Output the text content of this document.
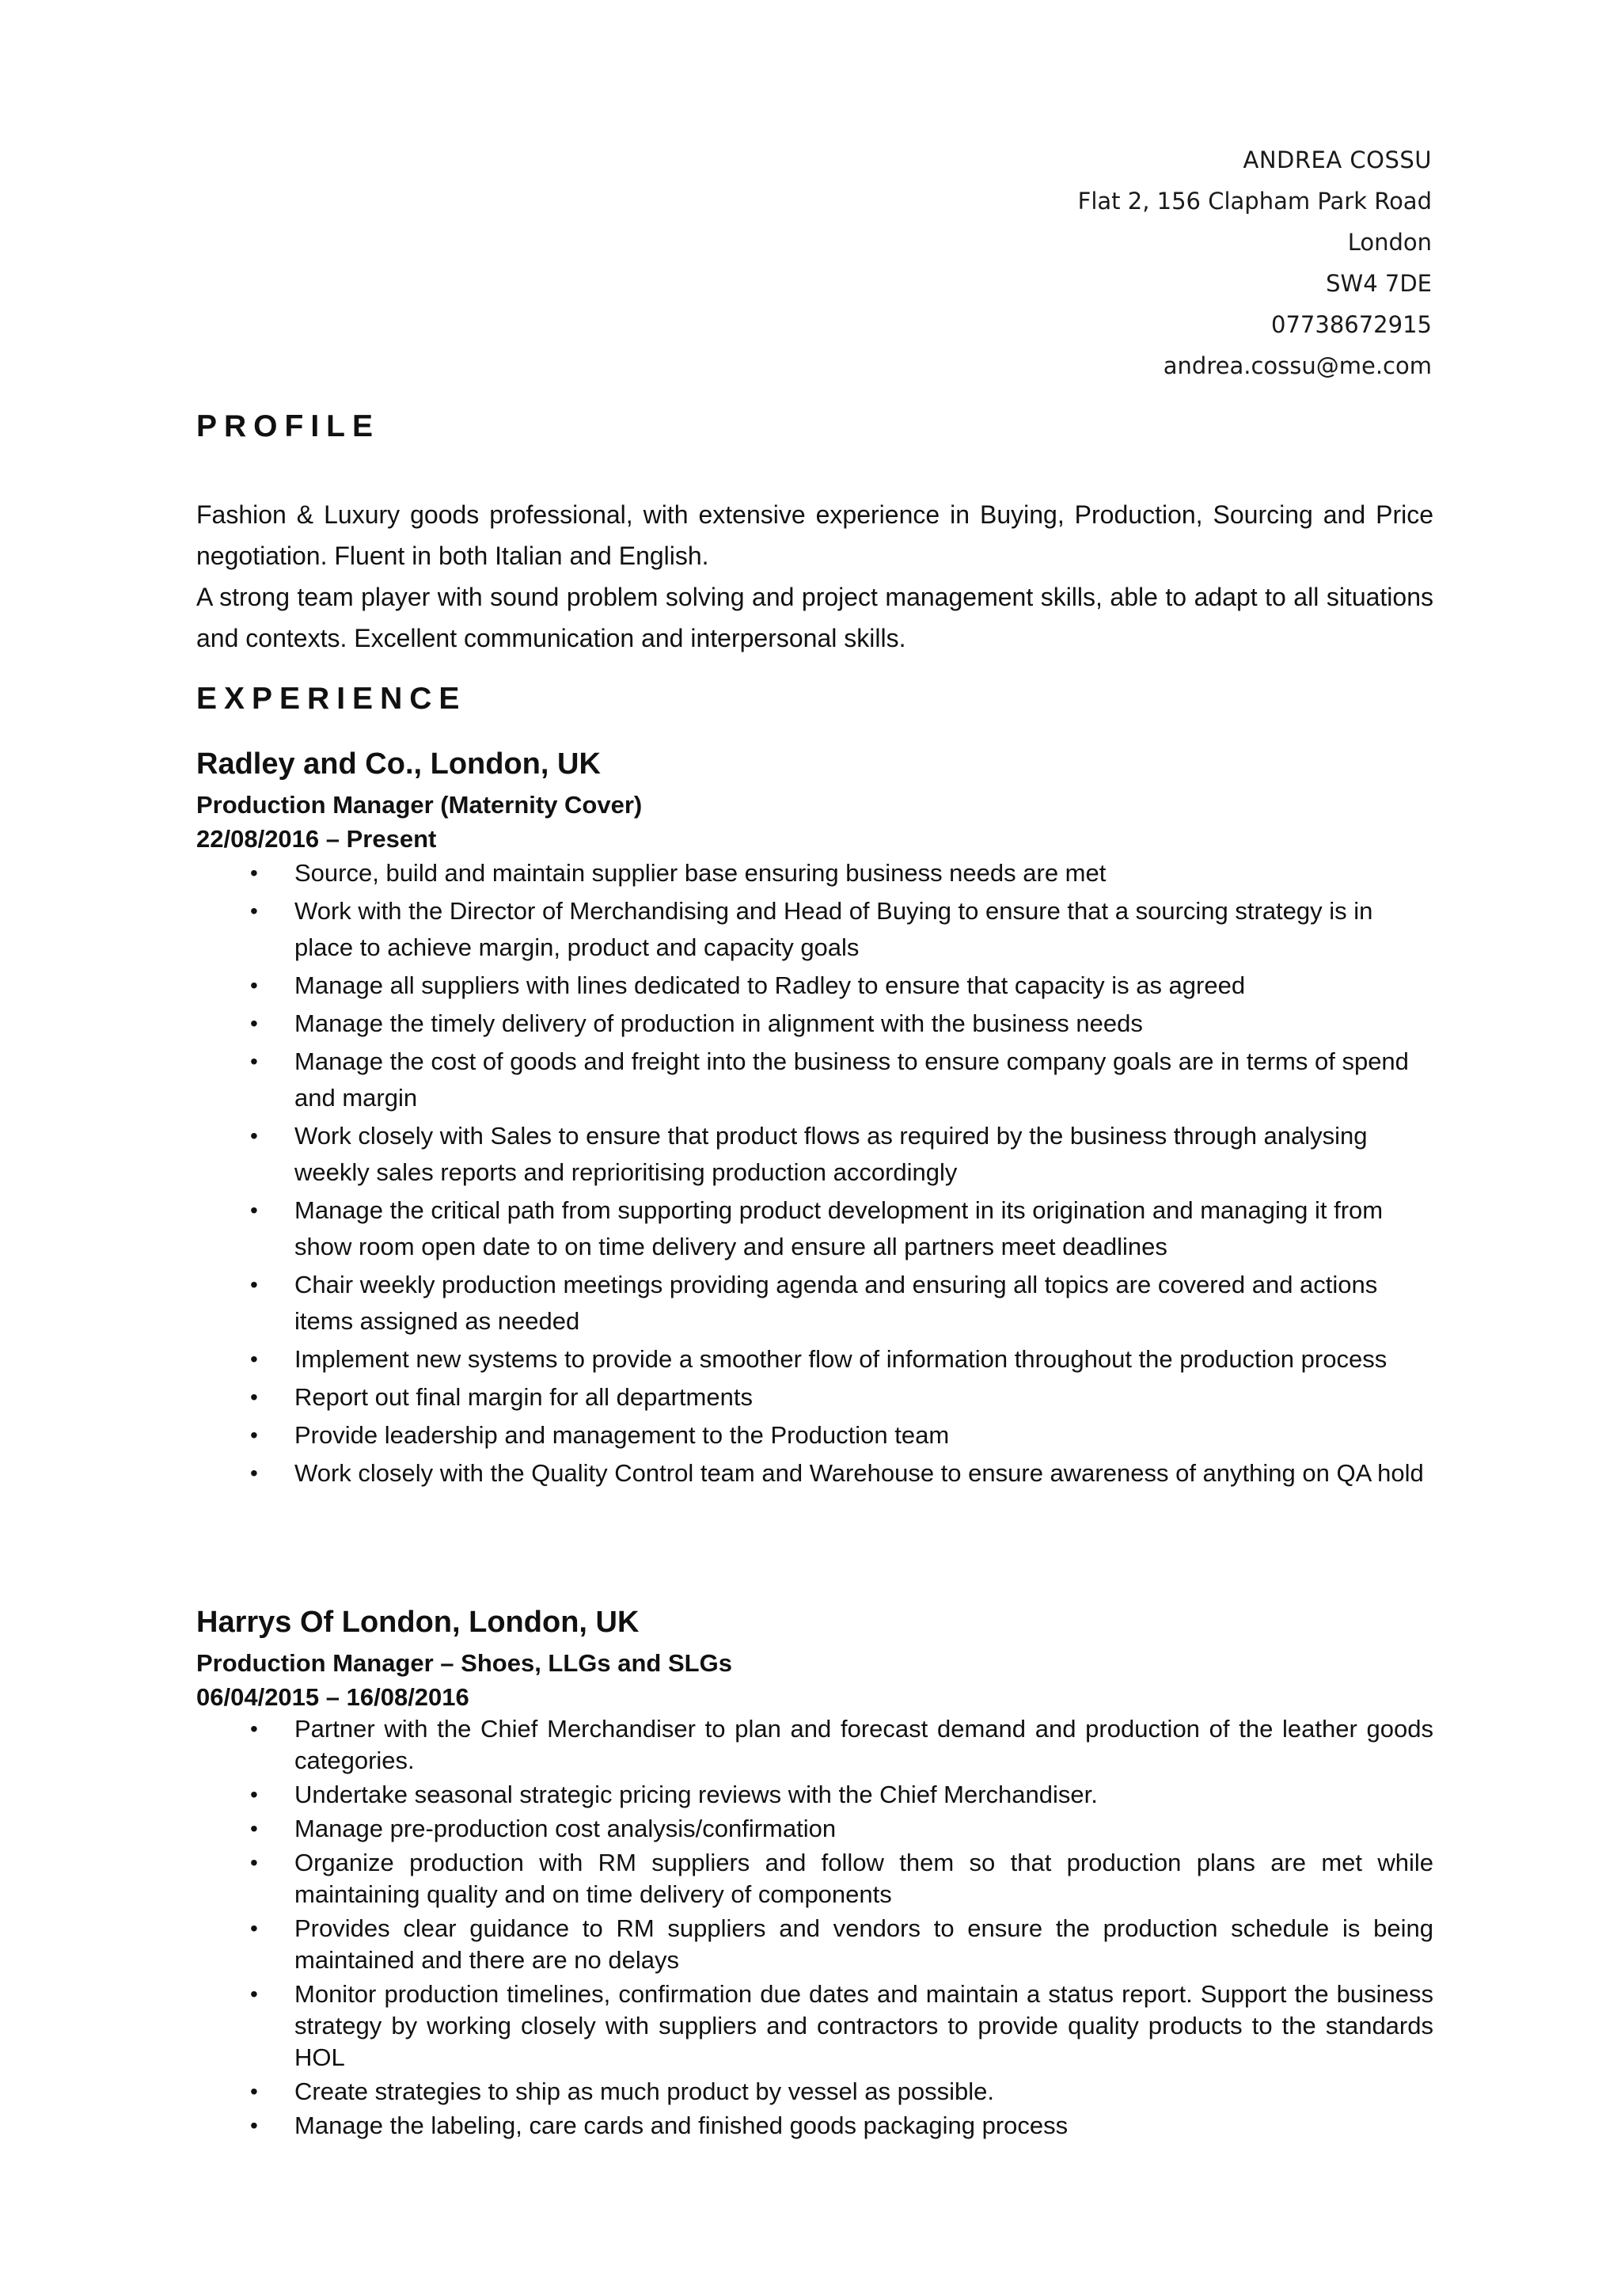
ANDREA COSSU
Flat 2, 156 Clapham Park Road
London
SW4 7DE
07738672915
andrea.cossu@me.com
PROFILE

Fashion & Luxury goods professional, with extensive experience in Buying, Production, Sourcing and Price negotiation. Fluent in both Italian and English.

A strong team player with sound problem solving and project management skills, able to adapt to all situations and contexts. Excellent communication and interpersonal skills.

EXPERIENCE
Radley and Co., London, UK
Production Manager (Maternity Cover)
22/08/2016 – Present
• Source, build and maintain supplier base ensuring business needs are met
• Work with the Director of Merchandising and Head of Buying to ensure that a sourcing strategy is in place to achieve margin, product and capacity goals
• Manage all suppliers with lines dedicated to Radley to ensure that capacity is as agreed
• Manage the timely delivery of production in alignment with the business needs
• Manage the cost of goods and freight into the business to ensure company goals are in terms of spend and margin
• Work closely with Sales to ensure that product flows as required by the business through analysing weekly sales reports and reprioritising production accordingly
• Manage the critical path from supporting product development in its origination and managing it from show room open date to on time delivery and ensure all partners meet deadlines
• Chair weekly production meetings providing agenda and ensuring all topics are covered and actions items assigned as needed
• Implement new systems to provide a smoother flow of information throughout the production process
• Report out final margin for all departments
• Provide leadership and management to the Production team
• Work closely with the Quality Control team and Warehouse to ensure awareness of anything on QA hold
Harrys Of London, London, UK
Production Manager – Shoes, LLGs and SLGs
06/04/2015 – 16/08/2016
• Partner with the Chief Merchandiser to plan and forecast demand and production of the leather goods categories.
• Undertake seasonal strategic pricing reviews with the Chief Merchandiser.
• Manage pre-production cost analysis/confirmation
• Organize production with RM suppliers and follow them so that production plans are met while maintaining quality and on time delivery of components
• Provides clear guidance to RM suppliers and vendors to ensure the production schedule is being maintained and there are no delays
• Monitor production timelines, confirmation due dates and maintain a status report. Support the business strategy by working closely with suppliers and contractors to provide quality products to the standards HOL
• Create strategies to ship as much product by vessel as possible.
• Manage the labeling, care cards and finished goods packaging process
